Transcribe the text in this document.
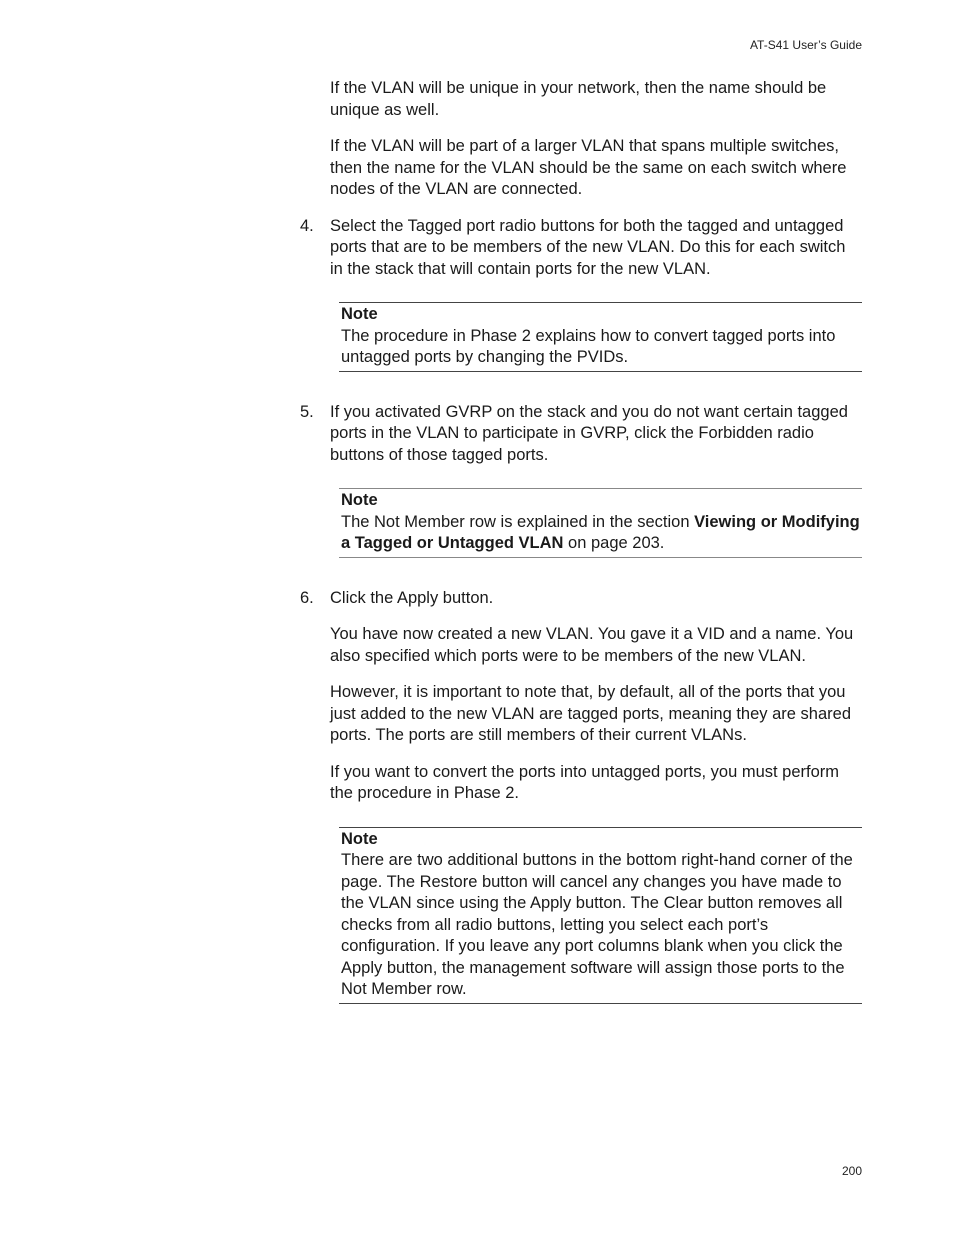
AT-S41 User’s Guide

If the VLAN will be unique in your network, then the name should be unique as well.

If the VLAN will be part of a larger VLAN that spans multiple switches, then the name for the VLAN should be the same on each switch where nodes of the VLAN are connected.

4. Select the Tagged port radio buttons for both the tagged and untagged ports that are to be members of the new VLAN. Do this for each switch in the stack that will contain ports for the new VLAN.
Note
The procedure in Phase 2 explains how to convert tagged ports into untagged ports by changing the PVIDs.
5. If you activated GVRP on the stack and you do not want certain tagged ports in the VLAN to participate in GVRP, click the Forbidden radio buttons of those tagged ports.
Note
The Not Member row is explained in the section Viewing or Modifying a Tagged or Untagged VLAN on page 203.
6. Click the Apply button.

You have now created a new VLAN. You gave it a VID and a name. You also specified which ports were to be members of the new VLAN.

However, it is important to note that, by default, all of the ports that you just added to the new VLAN are tagged ports, meaning they are shared ports. The ports are still members of their current VLANs.

If you want to convert the ports into untagged ports, you must perform the procedure in Phase 2.

Note
There are two additional buttons in the bottom right-hand corner of the page. The Restore button will cancel any changes you have made to the VLAN since using the Apply button. The Clear button removes all checks from all radio buttons, letting you select each port’s configuration. If you leave any port columns blank when you click the Apply button, the management software will assign those ports to the Not Member row.
200
